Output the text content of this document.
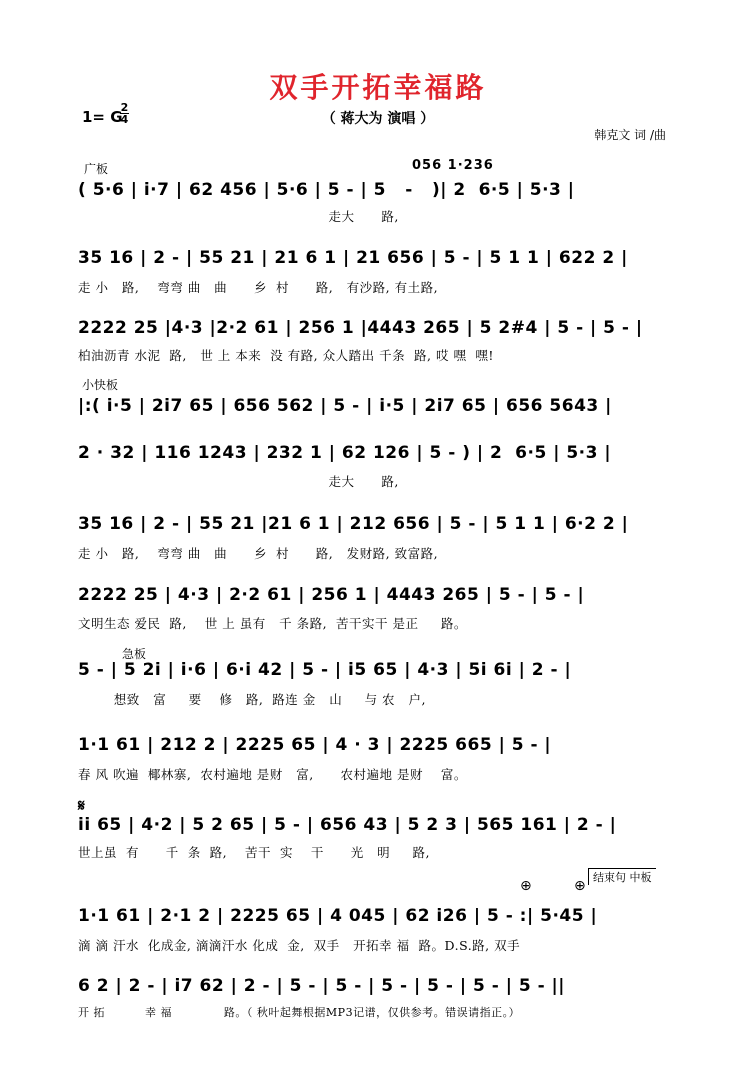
双手开拓幸福路
（ 蒋大为 演唱 ）
1= G
2
4
韩克文 词 /曲
广板	056 1·236
( 5·6 | i·7 | 62 456 | 5·6 | 5 - | 5   -   )| 2  6·5 | 5·3 |
走大      路,
35 16 | 2 - | 55 21 | 21 6 1 | 21 656 | 5 - | 5 1 1 | 622 2 |
走 小   路,    弯弯 曲   曲      乡  村      路,   有沙路, 有土路,
2222 25 |4·3 |2·2 61 | 256 1 |4443 265 | 5 2#4 | 5 - | 5 - |
柏油沥青 水泥  路,   世 上 本来  没 有路, 众人踏出 千条  路, 哎 嘿  嘿!
小快板
|:( i·5 | 2i7 65 | 656 562 | 5 - | i·5 | 2i7 65 | 656 5643 |
2 · 32 | 116 1243 | 232 1 | 62 126 | 5 - ) | 2  6·5 | 5·3 |
走大      路,
35 16 | 2 - | 55 21 |21 6 1 | 212 656 | 5 - | 5 1 1 | 6·2 2 |
走 小   路,    弯弯 曲   曲      乡  村      路,   发财路, 致富路,
2222 25 | 4·3 | 2·2 61 | 256 1 | 4443 265 | 5 - | 5 - |
文明生态 爱民  路,    世 上 虽有   千 条路,  苦干实干 是正     路。
急板
5 - | 5 2i | i·6 | 6·i 42 | 5 - | i5 65 | 4·3 | 5i 6i | 2 - |
想致   富     要    修   路,  路连 金   山     与 农   户,
1·1 61 | 212 2 | 2225 65 | 4 · 3 | 2225 665 | 5 - |
春 风 吹遍  椰林寨,  农村遍地 是财   富,      农村遍地 是财    富。
𝄋
ii 65 | 4·2 | 5 2 65 | 5 - | 656 43 | 5 2 3 | 565 161 | 2 - |
世上虽  有      千  条  路,    苦干  实    干      光   明     路,
⊕	⊕
结束句 中板
1·1 61 | 2·1 2 | 2225 65 | 4 045 | 62 i26 | 5 - :| 5·45 |
滴 滴 汗水  化成金, 滴滴汗水 化成  金,  双手   开拓幸 福  路。D.S.路, 双手
6 2 | 2 - | i7 62 | 2 - | 5 - | 5 - | 5 - | 5 - | 5 - | 5 - ||
开 拓          幸 福             路。（ 秋叶起舞根据MP3记谱，仅供参考。错误请指正。）
